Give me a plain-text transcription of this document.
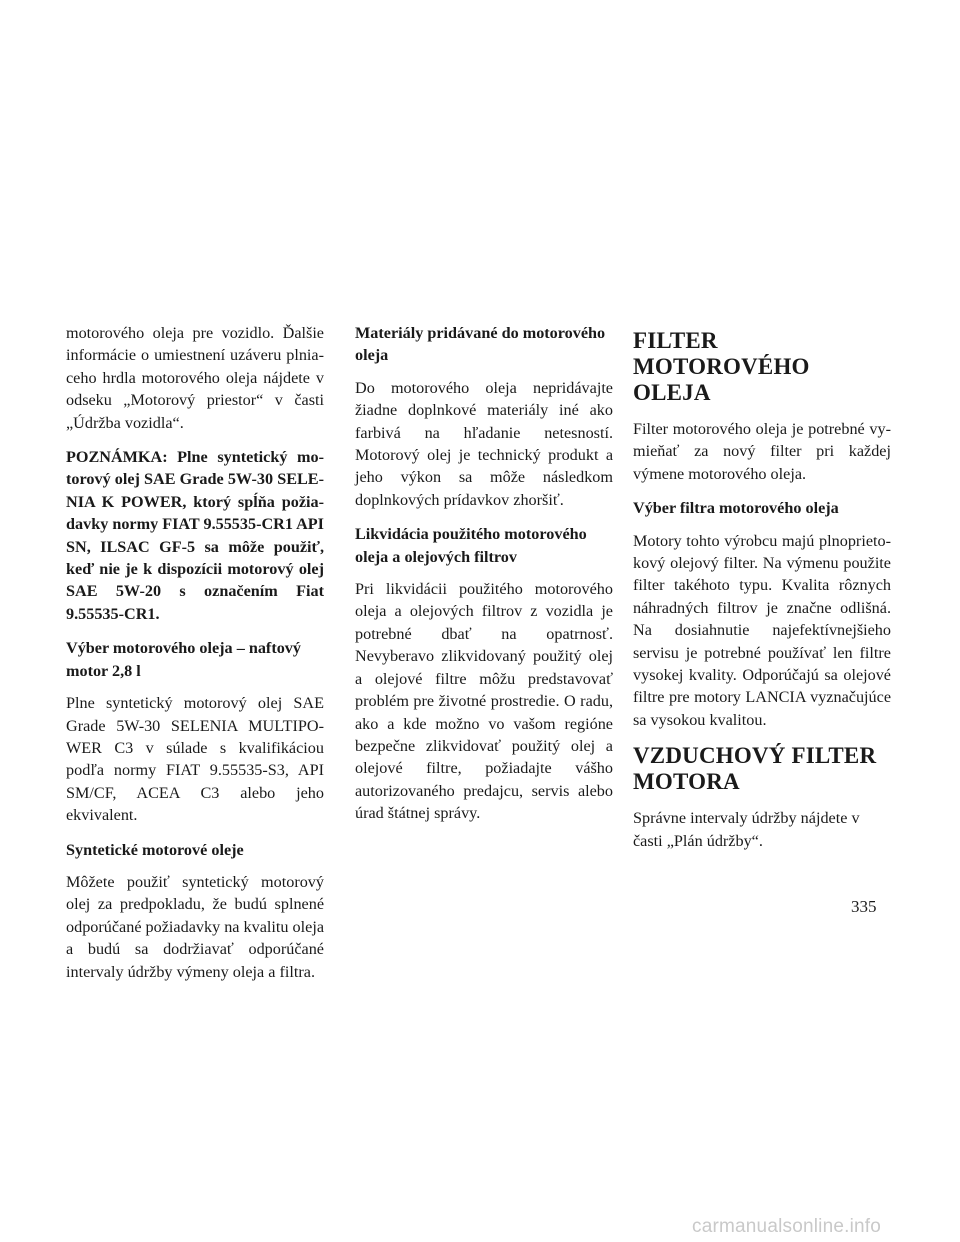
motorového oleja pre vozidlo. Ďalšie informácie o umiestnení uzáveru plniaceho hrdla motorového oleja nájdete v odseku „Motorový priestor“ v časti „Údržba vozidla“.

POZNÁMKA: Plne syntetický motorový olej SAE Grade 5W-30 SELENIA K POWER, ktorý spĺňa požiadavky normy FIAT 9.55535-CR1 API SN, ILSAC GF-5 sa môže použiť, keď nie je k dispozícii motorový olej SAE 5W-20 s označením Fiat 9.55535-CR1.

Výber motorového oleja – naftový
motor 2,8 l

Plne syntetický motorový olej SAE Grade 5W-30 SELENIA MULTIPOWER C3 v súlade s kvalifikáciou podľa normy FIAT 9.55535-S3, API SM/CF, ACEA C3 alebo jeho ekvivalent.

Syntetické motorové oleje

Môžete použiť syntetický motorový olej za predpokladu, že budú splnené odporúčané požiadavky na kvalitu oleja a budú sa dodržiavať odporúčané intervaly údržby výmeny oleja a filtra.

Materiály pridávané do motorového
oleja

Do motorového oleja nepridávajte žiadne doplnkové materiály iné ako farbivá na hľadanie netesností. Motorový olej je technický produkt a jeho výkon sa môže následkom doplnkových prídavkov zhoršiť.

Likvidácia použitého motorového
oleja a olejových filtrov

Pri likvidácii použitého motorového oleja a olejových filtrov z vozidla je potrebné dbať na opatrnosť. Nevyberavo zlikvidovaný použitý olej a olejové filtre môžu predstavovať problém pre životné prostredie. O radu, ako a kde možno vo vašom regióne bezpečne zlikvidovať použitý olej a olejové filtre, požiadajte vášho autorizovaného predajcu, servis alebo úrad štátnej správy.

FILTER MOTOROVÉHO
OLEJA

Filter motorového oleja je potrebné vymieňať za nový filter pri každej výmene motorového oleja.

Výber filtra motorového oleja

Motory tohto výrobcu majú plnoprietokový olejový filter. Na výmenu použite filter takéhoto typu. Kvalita rôznych náhradných filtrov je značne odlišná. Na dosiahnutie najefektívnejšieho servisu je potrebné používať len filtre vysokej kvality. Odporúčajú sa olejové filtre pre motory LANCIA vyznačujúce sa vysokou kvalitou.

VZDUCHOVÝ FILTER
MOTORA

Správne intervaly údržby nájdete v časti „Plán údržby“.

335
carmanualsonline.info
